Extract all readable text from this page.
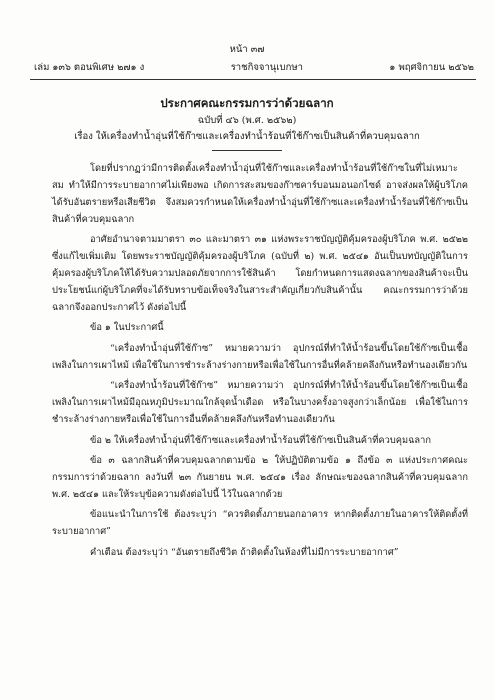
หน้า ๓๗
เล่ม ๑๓๖ ตอนพิเศษ ๒๗๑ ง	ราชกิจจานุเบกษา	๑ พฤศจิกายน ๒๕๖๒
ประกาศคณะกรรมการว่าด้วยฉลาก
ฉบับที่ ๔๖ (พ.ศ. ๒๕๖๒)
เรื่อง ให้เครื่องทำน้ำอุ่นที่ใช้ก๊าซและเครื่องทำน้ำร้อนที่ใช้ก๊าซเป็นสินค้าที่ควบคุมฉลาก

โดยที่ปรากฏว่ามีการติดตั้งเครื่องทำน้ำอุ่นที่ใช้ก๊าซและเครื่องทำน้ำร้อนที่ใช้ก๊าซในที่ไม่เหมาะสม ทำให้มีการระบายอากาศไม่เพียงพอ เกิดการสะสมของก๊าซคาร์บอนมอนอกไซด์ อาจส่งผลให้ผู้บริโภคได้รับอันตรายหรือเสียชีวิต จึงสมควรกำหนดให้เครื่องทำน้ำอุ่นที่ใช้ก๊าซและเครื่องทำน้ำร้อนที่ใช้ก๊าซเป็นสินค้าที่ควบคุมฉลาก

อาศัยอำนาจตามมาตรา ๓๐ และมาตรา ๓๑ แห่งพระราชบัญญัติคุ้มครองผู้บริโภค พ.ศ. ๒๕๒๒ ซึ่งแก้ไขเพิ่มเติม โดยพระราชบัญญัติคุ้มครองผู้บริโภค (ฉบับที่ ๒) พ.ศ. ๒๕๔๑ อันเป็นบทบัญญัติในการคุ้มครองผู้บริโภคให้ได้รับความปลอดภัยจากการใช้สินค้า โดยกำหนดการแสดงฉลากของสินค้าจะเป็นประโยชน์แก่ผู้บริโภคที่จะได้รับทราบข้อเท็จจริงในสาระสำคัญเกี่ยวกับสินค้านั้น คณะกรรมการว่าด้วยฉลากจึงออกประกาศไว้ ดังต่อไปนี้

ข้อ ๑ ในประกาศนี้

“เครื่องทำน้ำอุ่นที่ใช้ก๊าซ” หมายความว่า อุปกรณ์ที่ทำให้น้ำร้อนขึ้นโดยใช้ก๊าซเป็นเชื้อเพลิงในการเผาไหม้ เพื่อใช้ในการชำระล้างร่างกายหรือเพื่อใช้ในการอื่นที่คล้ายคลึงกันหรือทำนองเดียวกัน

“เครื่องทำน้ำร้อนที่ใช้ก๊าซ” หมายความว่า อุปกรณ์ที่ทำให้น้ำร้อนขึ้นโดยใช้ก๊าซเป็นเชื้อเพลิงในการเผาไหม้มีอุณหภูมิประมาณใกล้จุดน้ำเดือด หรือในบางครั้งอาจสูงกว่าเล็กน้อย เพื่อใช้ในการชำระล้างร่างกายหรือเพื่อใช้ในการอื่นที่คล้ายคลึงกันหรือทำนองเดียวกัน

ข้อ ๒ ให้เครื่องทำน้ำอุ่นที่ใช้ก๊าซและเครื่องทำน้ำร้อนที่ใช้ก๊าซเป็นสินค้าที่ควบคุมฉลาก

ข้อ ๓ ฉลากสินค้าที่ควบคุมฉลากตามข้อ ๒ ให้ปฏิบัติตามข้อ ๑ ถึงข้อ ๓ แห่งประกาศคณะกรรมการว่าด้วยฉลาก ลงวันที่ ๒๓ กันยายน พ.ศ. ๒๕๔๑ เรื่อง ลักษณะของฉลากสินค้าที่ควบคุมฉลาก พ.ศ. ๒๕๔๑ และให้ระบุข้อความดังต่อไปนี้ ไว้ในฉลากด้วย

ข้อแนะนำในการใช้ ต้องระบุว่า “ควรติดตั้งภายนอกอาคาร หากติดตั้งภายในอาคารให้ติดตั้งที่ระบายอากาศ”

คำเตือน ต้องระบุว่า “อันตรายถึงชีวิต ถ้าติดตั้งในห้องที่ไม่มีการระบายอากาศ”
